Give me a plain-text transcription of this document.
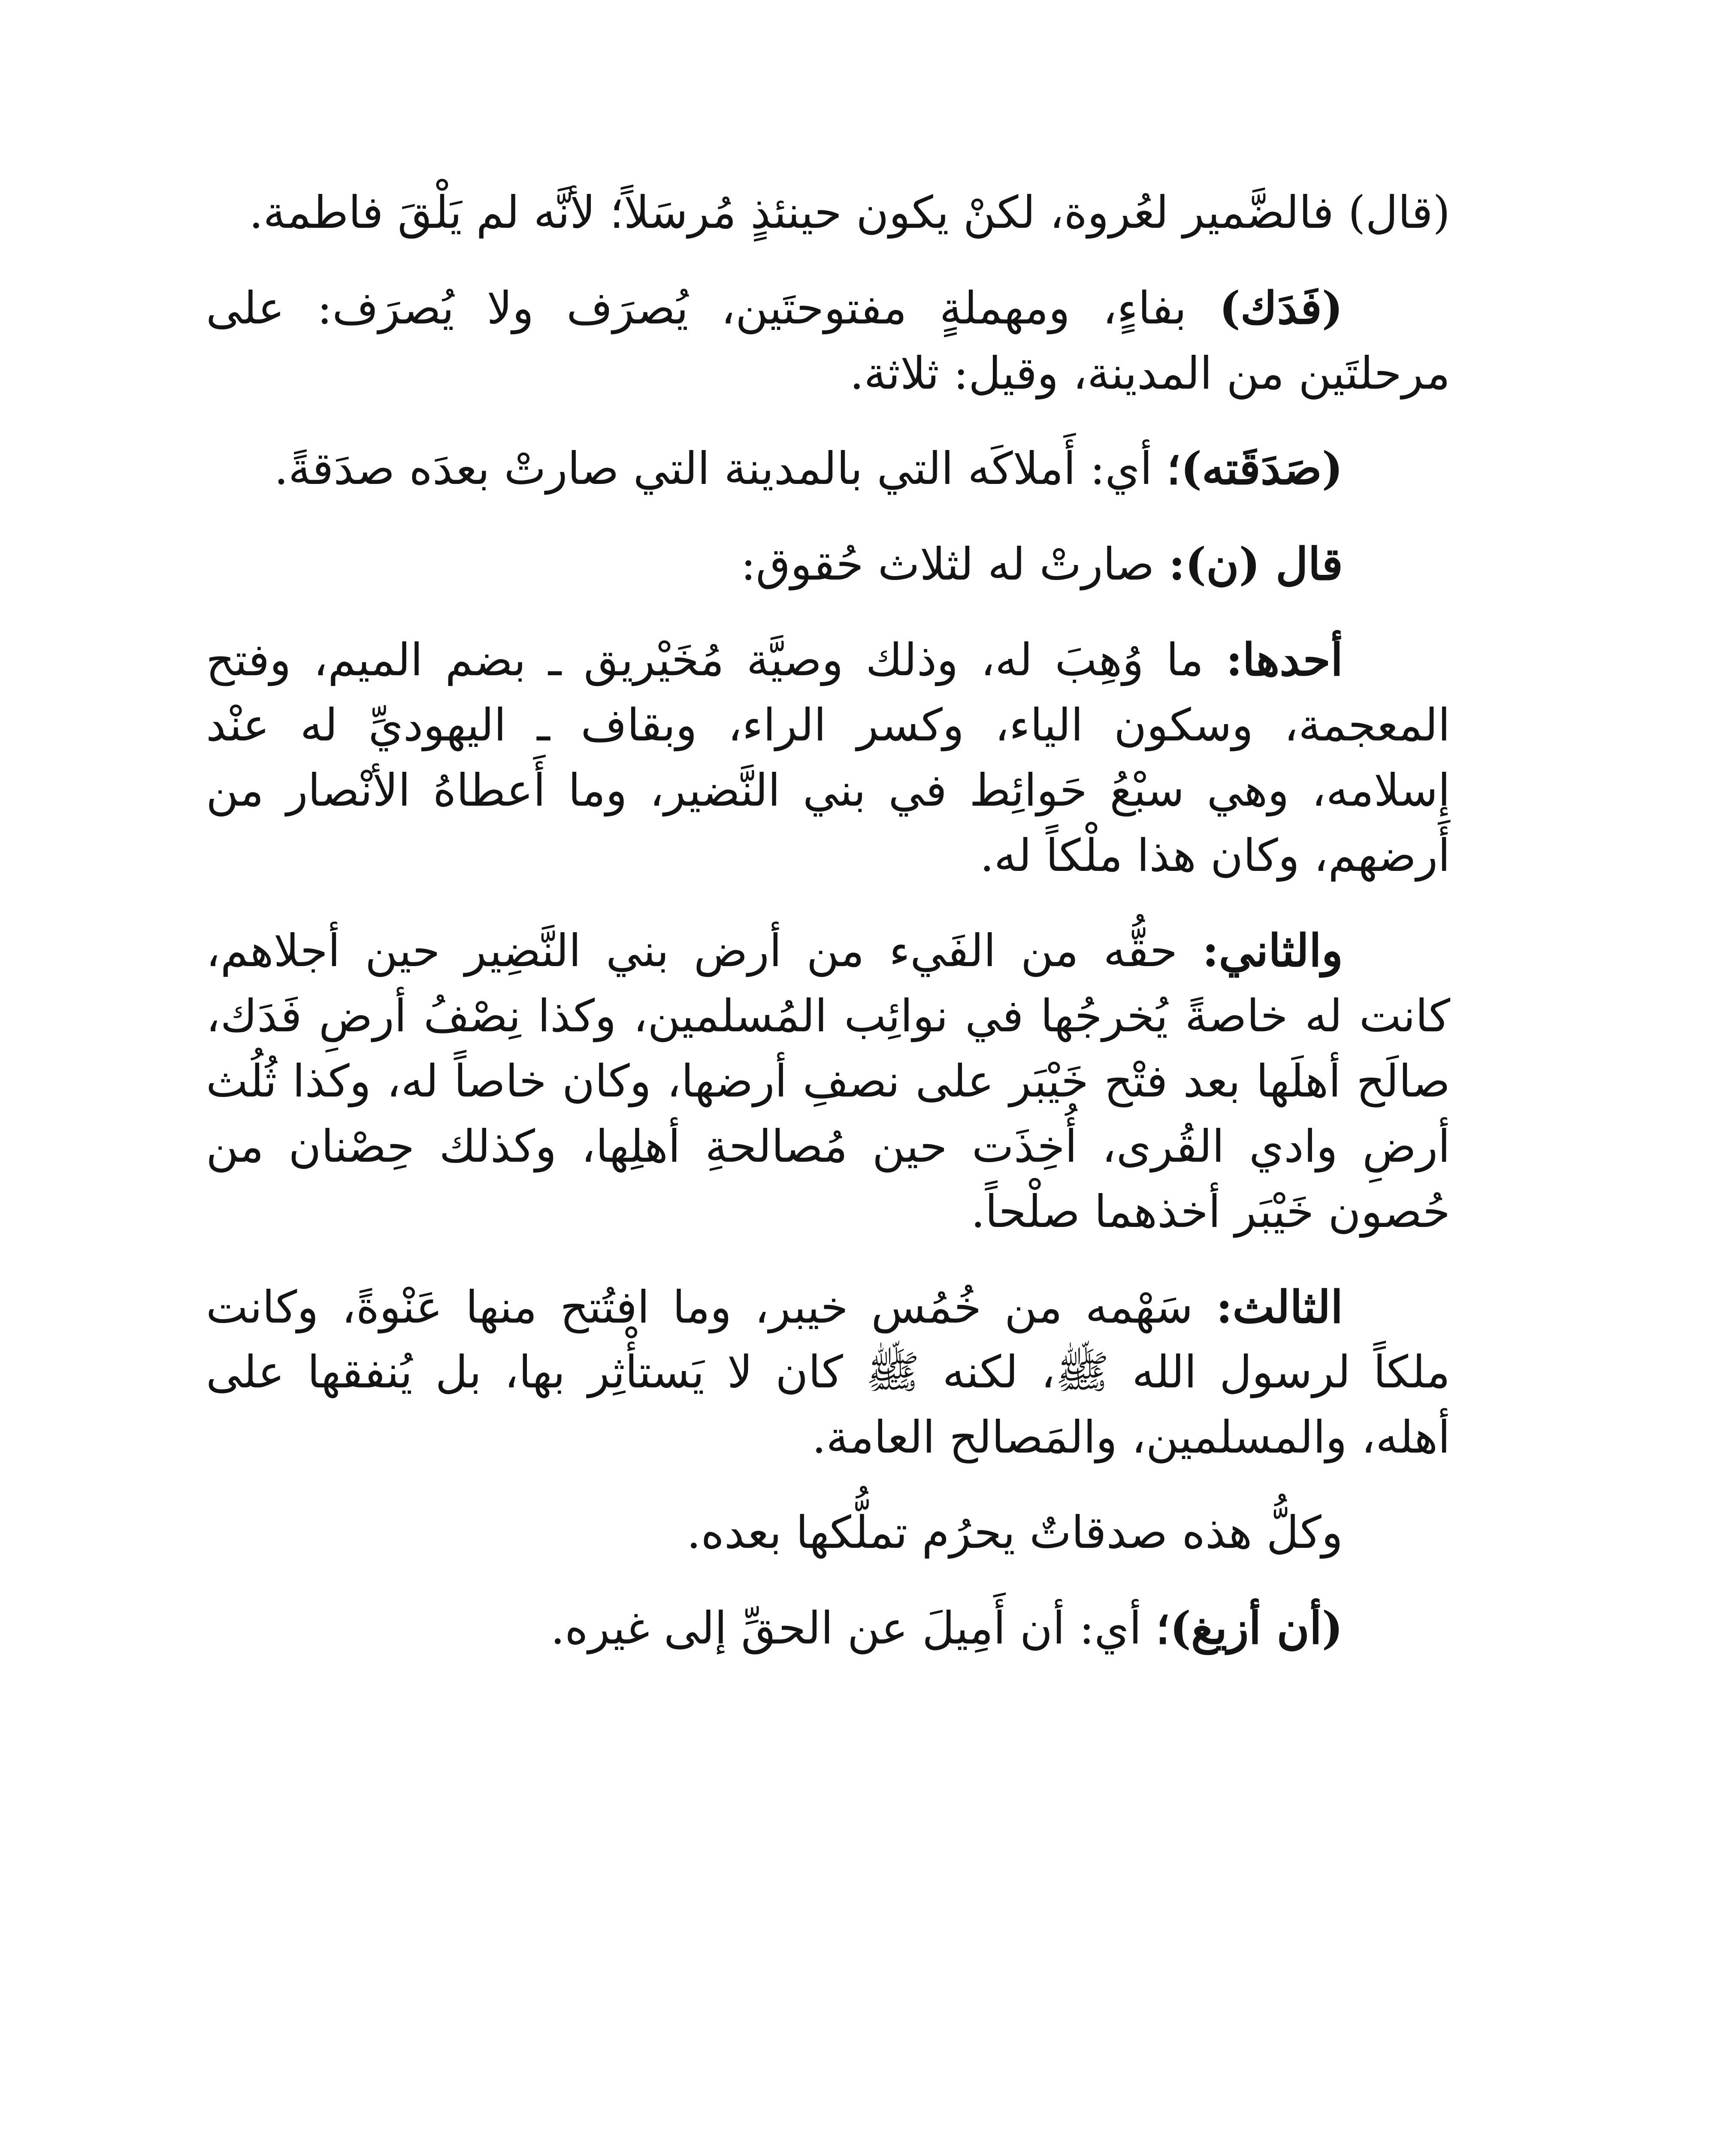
(قال) فالضَّمير لعُروة، لكنْ يكون حينئذٍ مُرسَلاً؛ لأنَّه لم يَلْقَ فاطمة.

(فَدَك) بفاءٍ، ومهملةٍ مفتوحتَين، يُصرَف ولا يُصرَف: على مرحلتَين من المدينة، وقيل: ثلاثة.

(صَدَقَته)؛ أي: أَملاكَه التي بالمدينة التي صارتْ بعدَه صدَقةً.

قال (ن): صارتْ له لثلاث حُقوق:

أحدها: ما وُهِبَ له، وذلك وصيَّة مُخَيْريق ـ بضم الميم، وفتح المعجمة، وسكون الياء، وكسر الراء، وبقاف ـ اليهوديِّ له عنْد إسلامه، وهي سبْعُ حَوائِط في بني النَّضير، وما أَعطاهُ الأنْصار من أَرضهم، وكان هذا ملْكاً له.

والثاني: حقُّه من الفَيء من أرض بني النَّضِير حين أجلاهم، كانت له خاصةً يُخرجُها في نوائِب المُسلمين، وكذا نِصْفُ أرضِ فَدَك، صالَح أهلَها بعد فتْح خَيْبَر على نصفِ أرضها، وكان خاصاً له، وكذا ثُلُث أرضِ وادي القُرى، أُخِذَت حين مُصالحةِ أهلِها، وكذلك حِصْنان من حُصون خَيْبَر أخذهما صلْحاً.

الثالث: سَهْمه من خُمُس خيبر، وما افتُتح منها عَنْوةً، وكانت ملكاً لرسول الله ﷺ، لكنه ﷺ كان لا يَستأْثِر بها، بل يُنفقها على أهله، والمسلمين، والمَصالح العامة.

وكلُّ هذه صدقاتٌ يحرُم تملُّكها بعده.

(أن أزيغ)؛ أي: أن أَمِيلَ عن الحقِّ إلى غيره.
